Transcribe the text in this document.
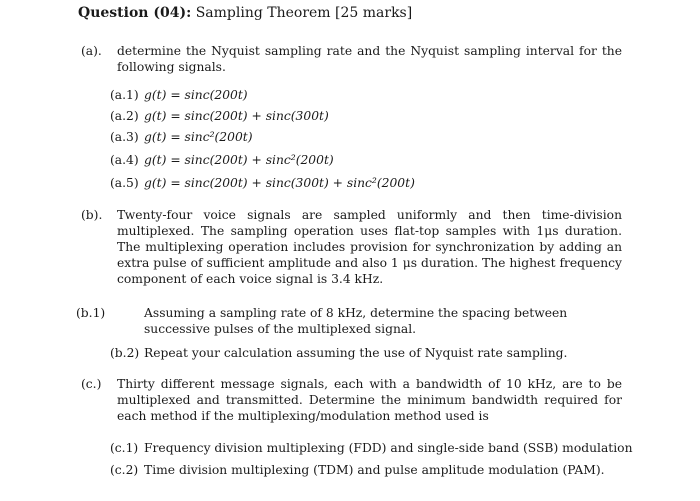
Question (04): Sampling Theorem [25 marks]
(a). determine the Nyquist sampling rate and the Nyquist sampling interval for the following signals.
(a.1) g(t) = sinc(200t)
(a.2) g(t) = sinc(200t) + sinc(300t)
(a.3) g(t) = sinc²(200t)
(a.4) g(t) = sinc(200t) + sinc²(200t)
(a.5) g(t) = sinc(200t) + sinc(300t) + sinc²(200t)
(b). Twenty-four voice signals are sampled uniformly and then time-division multiplexed. The sampling operation uses flat-top samples with 1μs duration. The multiplexing operation includes provision for synchronization by adding an extra pulse of sufficient amplitude and also 1 μs duration. The highest frequency component of each voice signal is 3.4 kHz.
(b.1)	Assuming a sampling rate of 8 kHz, determine the spacing between successive pulses of the multiplexed signal.
(b.2) Repeat your calculation assuming the use of Nyquist rate sampling.
(c.) Thirty different message signals, each with a bandwidth of 10 kHz, are to be multiplexed and transmitted. Determine the minimum bandwidth required for each method if the multiplexing/modulation method used is
(c.1) Frequency division multiplexing (FDD) and single-side band (SSB) modulation
(c.2) Time division multiplexing (TDM) and pulse amplitude modulation (PAM).
